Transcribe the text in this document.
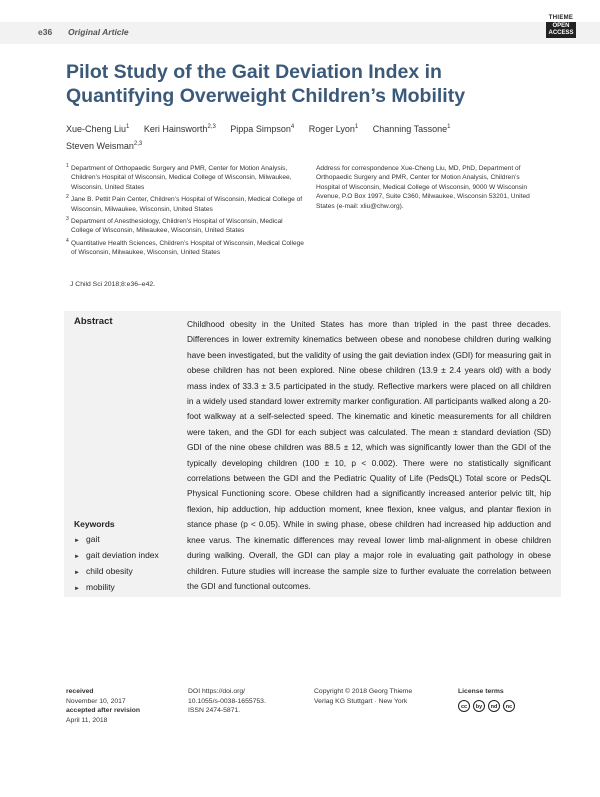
e36 Original Article
THIEME
OPEN ACCESS
Pilot Study of the Gait Deviation Index in Quantifying Overweight Children’s Mobility
Xue-Cheng Liu$^1$ Keri Hainsworth$^{2,3}$ Pippa Simpson$^4$ Roger Lyon$^1$ Channing Tassone$^1$
Steven Weisman$^{2,3}$
1 Department of Orthopaedic Surgery and PMR, Center for Motion Analysis, Children’s Hospital of Wisconsin, Medical College of Wisconsin, Milwaukee, Wisconsin, United States
2 Jane B. Pettit Pain Center, Children’s Hospital of Wisconsin, Medical College of Wisconsin, Milwaukee, Wisconsin, United States
3 Department of Anesthesiology, Children’s Hospital of Wisconsin, Medical College of Wisconsin, Milwaukee, Wisconsin, United States
4 Quantitative Health Sciences, Children’s Hospital of Wisconsin, Medical College of Wisconsin, Milwaukee, Wisconsin, United States
Address for correspondence Xue-Cheng Liu, MD, PhD, Department of Orthopaedic Surgery and PMR, Center for Motion Analysis, Children’s Hospital of Wisconsin, Medical College of Wisconsin, 9000 W Wisconsin Avenue, P.O Box 1997, Suite C360, Milwaukee, Wisconsin 53201, United States (e-mail: xliu@chw.org).
J Child Sci 2018;8:e36–e42.
Abstract	Childhood obesity in the United States has more than tripled in the past three decades. Differences in lower extremity kinematics between obese and nonobese children during walking have been investigated, but the validity of using the gait deviation index (GDI) for measuring gait in obese children has not been explored. Nine obese children (13.9 ± 2.4 years old) with a body mass index of 33.3 ± 3.5 participated in the study. Reflective markers were placed on all children in a widely used standard lower extremity marker configuration. All participants walked along a 20-foot walkway at a self-selected speed. The kinematic and kinetic measurements for all children were taken, and the GDI for each subject was calculated. The mean ± standard deviation (SD) GDI of the nine obese children was 88.5 ± 12, which was significantly lower than the GDI of the typically developing children (100 ± 10, p < 0.002). There were no statistically significant correlations between the GDI and the Pediatric Quality of Life (PedsQL) Total score or PedsQL Physical Functioning score. Obese children had a significantly increased anterior pelvic tilt, hip flexion, hip adduction, hip adduction moment, knee flexion, knee valgus, and plantar flexion in stance phase (p < 0.05). While in swing phase, obese children had increased hip adduction and knee varus. The kinematic differences may reveal lower limb mal-alignment in obese children during walking. Overall, the GDI can play a major role in evaluating gait pathology in obese children. Future studies will increase the sample size to further evaluate the correlation between the GDI and functional outcomes.
Keywords
► gait
► gait deviation index
► child obesity
► mobility
received
November 10, 2017
accepted after revision
April 11, 2018
DOI https://doi.org/
10.1055/s-0038-1655753.
ISSN 2474-5871.
Copyright © 2018 Georg Thieme
Verlag KG Stuttgart · New York
License terms
cc	by	nd	nc
